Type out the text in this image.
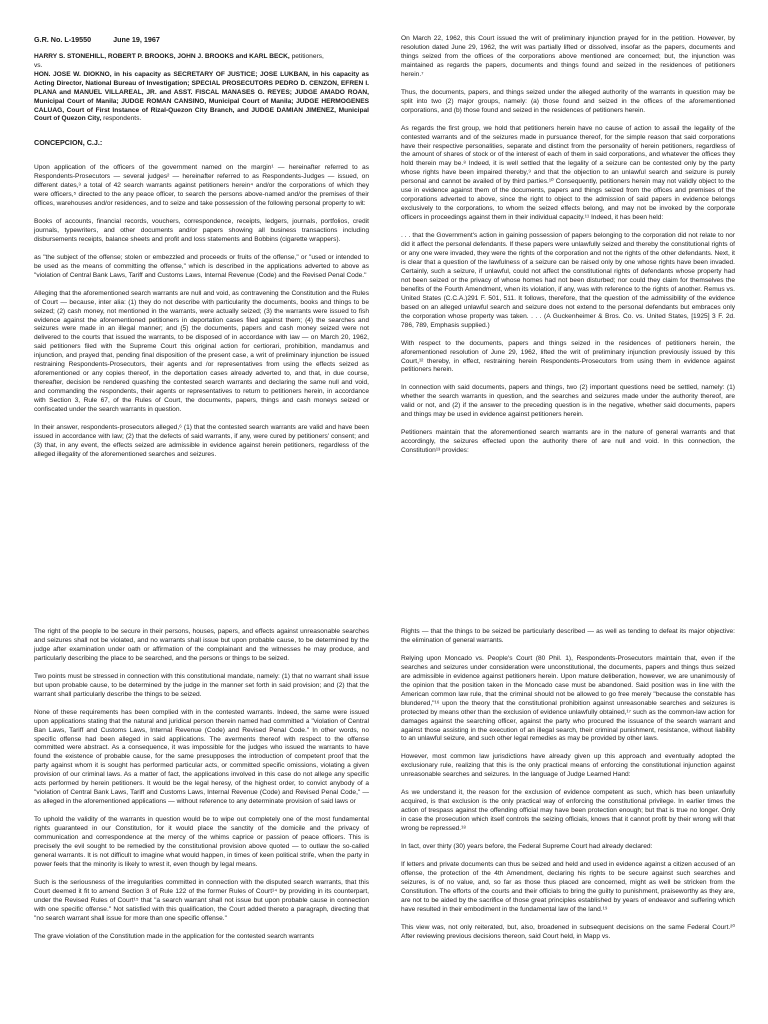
G.R. No. L-19550	June 19, 1967
HARRY S. STONEHILL, ROBERT P. BROOKS, JOHN J. BROOKS and KARL BECK, petitioners,
vs.
HON. JOSE W. DIOKNO, in his capacity as SECRETARY OF JUSTICE; JOSE LUKBAN, in his capacity as Acting Director, National Bureau of Investigation; SPECIAL PROSECUTORS PEDRO D. CENZON, EFREN I. PLANA and MANUEL VILLAREAL, JR. and ASST. FISCAL MANASES G. REYES; JUDGE AMADO ROAN, Municipal Court of Manila; JUDGE ROMAN CANSINO, Municipal Court of Manila; JUDGE HERMOGENES CALUAG, Court of First Instance of Rizal-Quezon City Branch, and JUDGE DAMIAN JIMENEZ, Municipal Court of Quezon City, respondents.
CONCEPCION, C.J.:

Upon application of the officers of the government named on the margin¹ — hereinafter referred to as Respondents-Prosecutors — several judges² — hereinafter referred to as Respondents-Judges — issued, on different dates,³ a total of 42 search warrants against petitioners herein⁴ and/or the corporations of which they were officers,⁵ directed to the any peace officer, to search the persons above-named and/or the premises of their offices, warehouses and/or residences, and to seize and take possession of the following personal property to wit:

Books of accounts, financial records, vouchers, correspondence, receipts, ledgers, journals, portfolios, credit journals, typewriters, and other documents and/or papers showing all business transactions including disbursements receipts, balance sheets and profit and loss statements and Bobbins (cigarette wrappers).

as "the subject of the offense; stolen or embezzled and proceeds or fruits of the offense," or "used or intended to be used as the means of committing the offense," which is described in the applications adverted to above as "violation of Central Bank Laws, Tariff and Customs Laws, Internal Revenue (Code) and the Revised Penal Code."

Alleging that the aforementioned search warrants are null and void, as contravening the Constitution and the Rules of Court — because, inter alia: (1) they do not describe with particularity the documents, books and things to be seized; (2) cash money, not mentioned in the warrants, were actually seized; (3) the warrants were issued to fish evidence against the aforementioned petitioners in deportation cases filed against them; (4) the searches and seizures were made in an illegal manner; and (5) the documents, papers and cash money seized were not delivered to the courts that issued the warrants, to be disposed of in accordance with law — on March 20, 1962, said petitioners filed with the Supreme Court this original action for certiorari, prohibition, mandamus and injunction, and prayed that, pending final disposition of the present case, a writ of preliminary injunction be issued restraining Respondents-Prosecutors, their agents and /or representatives from using the effects seized as aforementioned or any copies thereof, in the deportation cases already adverted to, and that, in due course, thereafter, decision be rendered quashing the contested search warrants and declaring the same null and void, and commanding the respondents, their agents or representatives to return to petitioners herein, in accordance with Section 3, Rule 67, of the Rules of Court, the documents, papers, things and cash moneys seized or confiscated under the search warrants in question.

In their answer, respondents-prosecutors alleged,⁶ (1) that the contested search warrants are valid and have been issued in accordance with law; (2) that the defects of said warrants, if any, were cured by petitioners' consent; and (3) that, in any event, the effects seized are admissible in evidence against herein petitioners, regardless of the alleged illegality of the aforementioned searches and seizures.

On March 22, 1962, this Court issued the writ of preliminary injunction prayed for in the petition. However, by resolution dated June 29, 1962, the writ was partially lifted or dissolved, insofar as the papers, documents and things seized from the offices of the corporations above mentioned are concerned; but, the injunction was maintained as regards the papers, documents and things found and seized in the residences of petitioners herein.⁷

Thus, the documents, papers, and things seized under the alleged authority of the warrants in question may be split into two (2) major groups, namely: (a) those found and seized in the offices of the aforementioned corporations, and (b) those found and seized in the residences of petitioners herein.

As regards the first group, we hold that petitioners herein have no cause of action to assail the legality of the contested warrants and of the seizures made in pursuance thereof, for the simple reason that said corporations have their respective personalities, separate and distinct from the personality of herein petitioners, regardless of the amount of shares of stock or of the interest of each of them in said corporations, and whatever the offices they hold therein may be.⁸ Indeed, it is well settled that the legality of a seizure can be contested only by the party whose rights have been impaired thereby,⁹ and that the objection to an unlawful search and seizure is purely personal and cannot be availed of by third parties.¹⁰ Consequently, petitioners herein may not validly object to the use in evidence against them of the documents, papers and things seized from the offices and premises of the corporations adverted to above, since the right to object to the admission of said papers in evidence belongs exclusively to the corporations, to whom the seized effects belong, and may not be invoked by the corporate officers in proceedings against them in their individual capacity.¹¹ Indeed, it has been held:

. . . that the Government's action in gaining possession of papers belonging to the corporation did not relate to nor did it affect the personal defendants. If these papers were unlawfully seized and thereby the constitutional rights of or any one were invaded, they were the rights of the corporation and not the rights of the other defendants. Next, it is clear that a question of the lawfulness of a seizure can be raised only by one whose rights have been invaded. Certainly, such a seizure, if unlawful, could not affect the constitutional rights of defendants whose property had not been seized or the privacy of whose homes had not been disturbed; nor could they claim for themselves the benefits of the Fourth Amendment, when its violation, if any, was with reference to the rights of another. Remus vs. United States (C.C.A.)291 F. 501, 511. It follows, therefore, that the question of the admissibility of the evidence based on an alleged unlawful search and seizure does not extend to the personal defendants but embraces only the corporation whose property was taken. . . . (A Guckenheimer & Bros. Co. vs. United States, [1925] 3 F. 2d. 786, 789, Emphasis supplied.)

With respect to the documents, papers and things seized in the residences of petitioners herein, the aforementioned resolution of June 29, 1962, lifted the writ of preliminary injunction previously issued by this Court,¹² thereby, in effect, restraining herein Respondents-Prosecutors from using them in evidence against petitioners herein.

In connection with said documents, papers and things, two (2) important questions need be settled, namely: (1) whether the search warrants in question, and the searches and seizures made under the authority thereof, are valid or not, and (2) if the answer to the preceding question is in the negative, whether said documents, papers and things may be used in evidence against petitioners herein.

Petitioners maintain that the aforementioned search warrants are in the nature of general warrants and that accordingly, the seizures effected upon the authority there of are null and void. In this connection, the Constitution¹³ provides:

The right of the people to be secure in their persons, houses, papers, and effects against unreasonable searches and seizures shall not be violated, and no warrants shall issue but upon probable cause, to be determined by the judge after examination under oath or affirmation of the complainant and the witnesses he may produce, and particularly describing the place to be searched, and the persons or things to be seized.

Two points must be stressed in connection with this constitutional mandate, namely: (1) that no warrant shall issue but upon probable cause, to be determined by the judge in the manner set forth in said provision; and (2) that the warrant shall particularly describe the things to be seized.

None of these requirements has been complied with in the contested warrants. Indeed, the same were issued upon applications stating that the natural and juridical person therein named had committed a "violation of Central Ban Laws, Tariff and Customs Laws, Internal Revenue (Code) and Revised Penal Code." In other words, no specific offense had been alleged in said applications. The averments thereof with respect to the offense committed were abstract. As a consequence, it was impossible for the judges who issued the warrants to have found the existence of probable cause, for the same presupposes the introduction of competent proof that the party against whom it is sought has performed particular acts, or committed specific omissions, violating a given provision of our criminal laws. As a matter of fact, the applications involved in this case do not allege any specific acts performed by herein petitioners. It would be the legal heresy, of the highest order, to convict anybody of a "violation of Central Bank Laws, Tariff and Customs Laws, Internal Revenue (Code) and Revised Penal Code," — as alleged in the aforementioned applications — without reference to any determinate provision of said laws or

To uphold the validity of the warrants in question would be to wipe out completely one of the most fundamental rights guaranteed in our Constitution, for it would place the sanctity of the domicile and the privacy of communication and correspondence at the mercy of the whims caprice or passion of peace officers. This is precisely the evil sought to be remedied by the constitutional provision above quoted — to outlaw the so-called general warrants. It is not difficult to imagine what would happen, in times of keen political strife, when the party in power feels that the minority is likely to wrest it, even though by legal means.

Such is the seriousness of the irregularities committed in connection with the disputed search warrants, that this Court deemed it fit to amend Section 3 of Rule 122 of the former Rules of Court¹⁴ by providing in its counterpart, under the Revised Rules of Court¹⁵ that "a search warrant shall not issue but upon probable cause in connection with one specific offense." Not satisfied with this qualification, the Court added thereto a paragraph, directing that "no search warrant shall issue for more than one specific offense."

The grave violation of the Constitution made in the application for the contested search warrants

Rights — that the things to be seized be particularly described — as well as tending to defeat its major objective: the elimination of general warrants.

Relying upon Moncado vs. People's Court (80 Phil. 1), Respondents-Prosecutors maintain that, even if the searches and seizures under consideration were unconstitutional, the documents, papers and things thus seized are admissible in evidence against petitioners herein. Upon mature deliberation, however, we are unanimously of the opinion that the position taken in the Moncado case must be abandoned. Said position was in line with the American common law rule, that the criminal should not be allowed to go free merely "because the constable has blundered,"¹⁶ upon the theory that the constitutional prohibition against unreasonable searches and seizures is protected by means other than the exclusion of evidence unlawfully obtained,¹⁷ such as the common-law action for damages against the searching officer, against the party who procured the issuance of the search warrant and against those assisting in the execution of an illegal search, their criminal punishment, resistance, without liability to an unlawful seizure, and such other legal remedies as may be provided by other laws.

However, most common law jurisdictions have already given up this approach and eventually adopted the exclusionary rule, realizing that this is the only practical means of enforcing the constitutional injunction against unreasonable searches and seizures. In the language of Judge Learned Hand:

As we understand it, the reason for the exclusion of evidence competent as such, which has been unlawfully acquired, is that exclusion is the only practical way of enforcing the constitutional privilege. In earlier times the action of trespass against the offending official may have been protection enough; but that is true no longer. Only in case the prosecution which itself controls the seizing officials, knows that it cannot profit by their wrong will that wrong be repressed.¹⁸

In fact, over thirty (30) years before, the Federal Supreme Court had already declared:

If letters and private documents can thus be seized and held and used in evidence against a citizen accused of an offense, the protection of the 4th Amendment, declaring his rights to be secure against such searches and seizures, is of no value, and, so far as those thus placed are concerned, might as well be stricken from the Constitution. The efforts of the courts and their officials to bring the guilty to punishment, praiseworthy as they are, are not to be aided by the sacrifice of those great principles established by years of endeavor and suffering which have resulted in their embodiment in the fundamental law of the land.¹⁹

This view was, not only reiterated, but, also, broadened in subsequent decisions on the same Federal Court.²⁰ After reviewing previous decisions thereon, said Court held, in Mapp vs.
